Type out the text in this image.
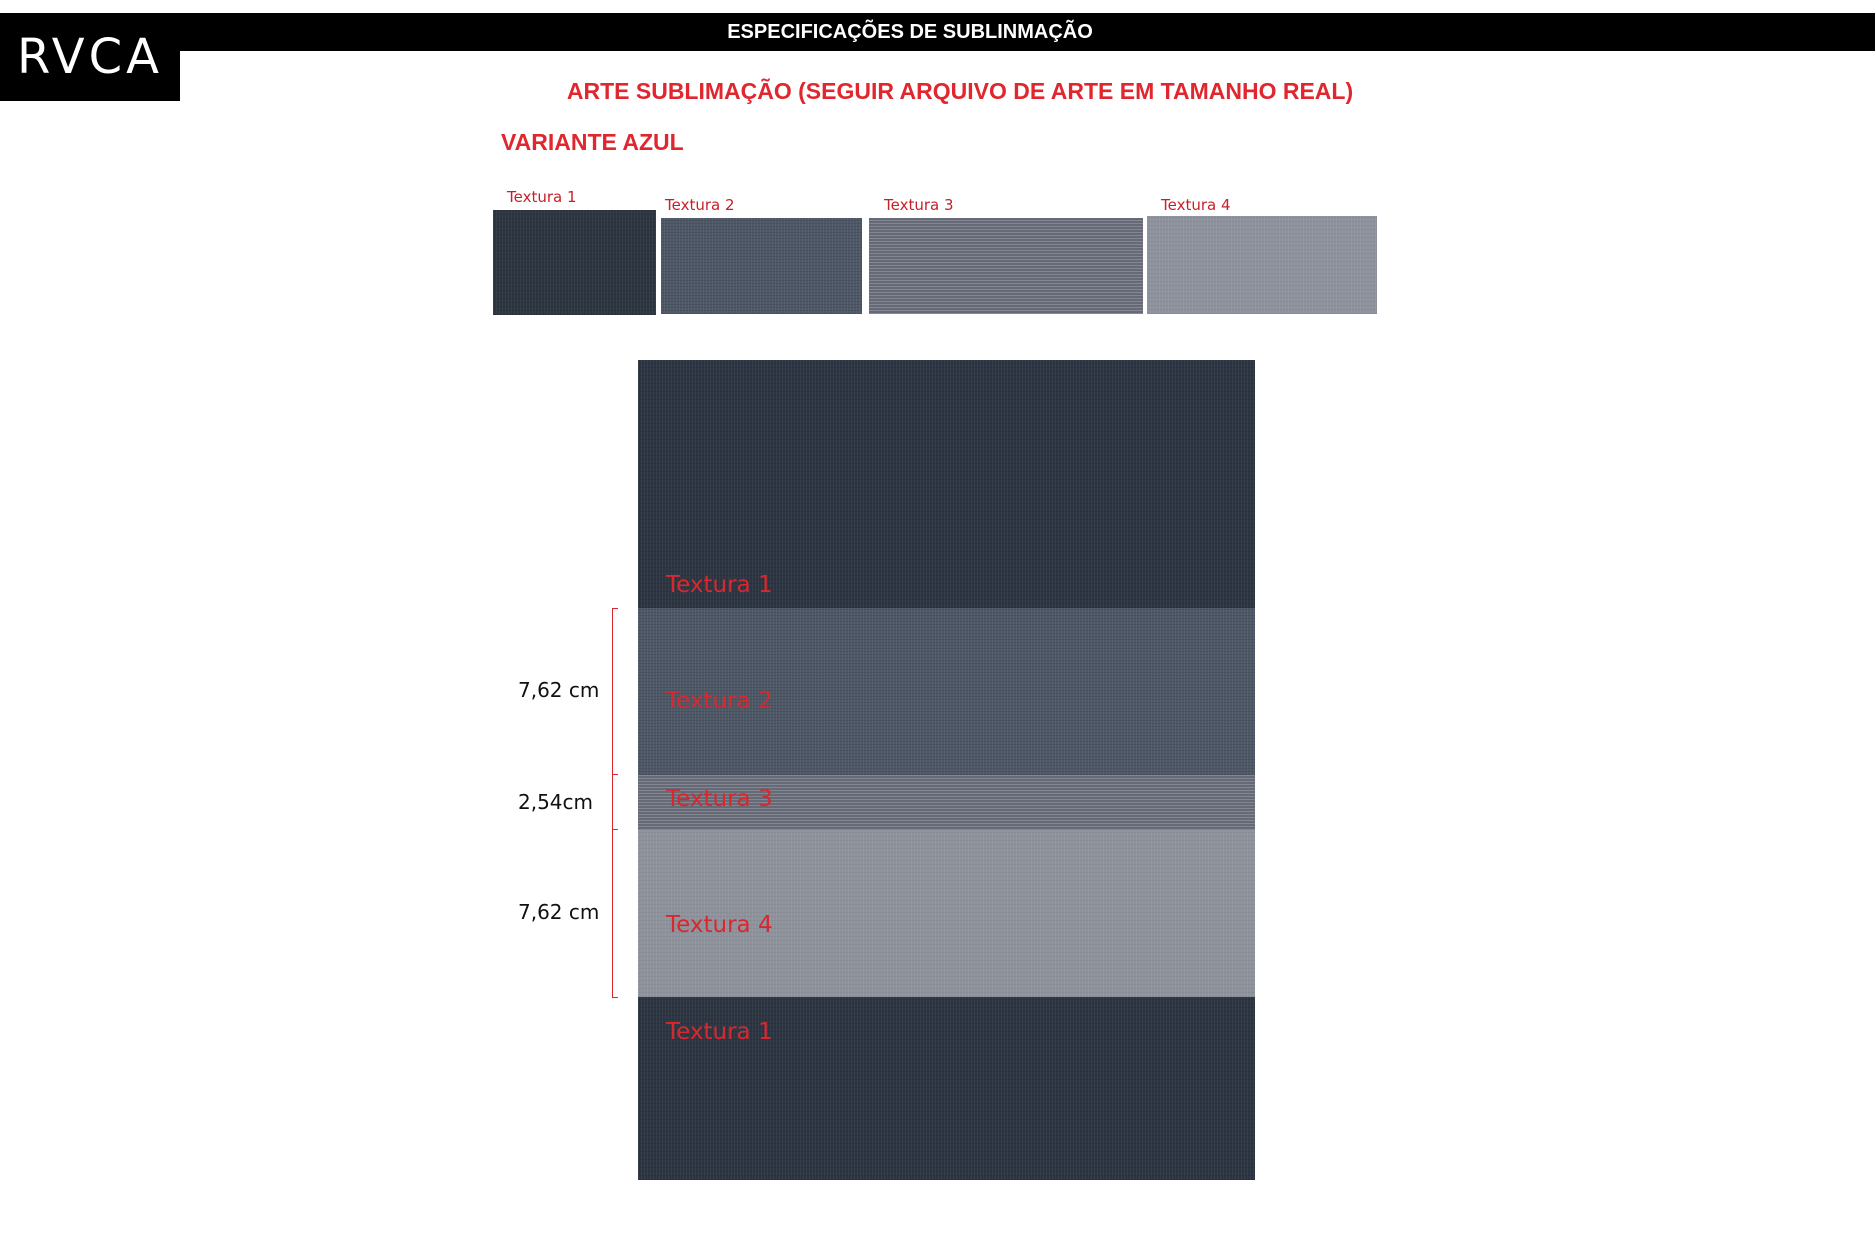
ESPECIFICAÇÕES DE SUBLINMAÇÃO
RVCA
ARTE SUBLIMAÇÃO (SEGUIR ARQUIVO DE ARTE EM TAMANHO REAL)
VARIANTE AZUL
Textura 1	Textura 2	Textura 3	Textura 4
Textura 1
Textura 2
Textura 3
Textura 4
Textura 1
7,62 cm
2,54cm
7,62 cm
